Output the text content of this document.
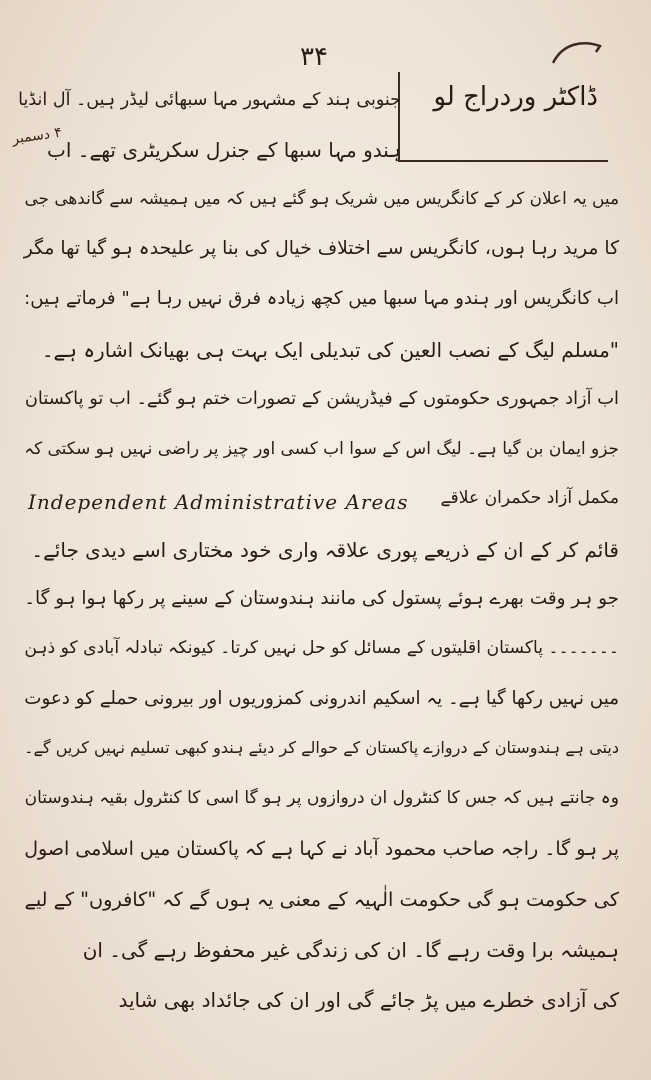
۳۴
ڈاکٹر وردراج لو
۴ دسمبر
جنوبی ہند کے مشہور مہا سبھائی لیڈر ہیں۔ آل انڈیا
ہندو مہا سبھا کے جنرل سکریٹری تھے۔ اب
میں یہ اعلان کر کے کانگریس میں شریک ہو گئے ہیں کہ میں ہمیشہ سے گاندھی جی
کا مرید رہا ہوں، کانگریس سے اختلاف خیال کی بنا پر علیحدہ ہو گیا تھا مگر
اب کانگریس اور ہندو مہا سبھا میں کچھ زیادہ فرق نہیں رہا ہے" فرماتے ہیں:
"مسلم لیگ کے نصب العین کی تبدیلی ایک بہت ہی بھیانک اشارہ ہے۔
اب آزاد جمہوری حکومتوں کے فیڈریشن کے تصورات ختم ہو گئے۔ اب تو پاکستان
جزو ایمان بن گیا ہے۔ لیگ اس کے سوا اب کسی اور چیز پر راضی نہیں ہو سکتی کہ
Independent Administrative Areas	مکمل آزاد حکمران علاقے
قائم کر کے ان کے ذریعے پوری علاقہ واری خود مختاری اسے دیدی جائے۔
جو ہر وقت بھرے ہوئے پستول کی مانند ہندوستان کے سینے پر رکھا ہوا ہو گا۔
۔۔۔۔۔۔۔ پاکستان اقلیتوں کے مسائل کو حل نہیں کرتا۔ کیونکہ تبادلہ آبادی کو ذہن
میں نہیں رکھا گیا ہے۔ یہ اسکیم اندرونی کمزوریوں اور بیرونی حملے کو دعوت
دیتی ہے ہندوستان کے دروازے پاکستان کے حوالے کر دیئے ہندو کبھی تسلیم نہیں کریں گے۔
وہ جانتے ہیں کہ جس کا کنٹرول ان دروازوں پر ہو گا اسی کا کنٹرول بقیہ ہندوستان
پر ہو گا۔ راجہ صاحب محمود آباد نے کہا ہے کہ پاکستان میں اسلامی اصول
کی حکومت ہو گی حکومت الٰہیہ کے معنی یہ ہوں گے کہ "کافروں" کے لیے
ہمیشہ برا وقت رہے گا۔ ان کی زندگی غیر محفوظ رہے گی۔ ان
کی آزادی خطرے میں پڑ جائے گی اور ان کی جائداد بھی شاید
